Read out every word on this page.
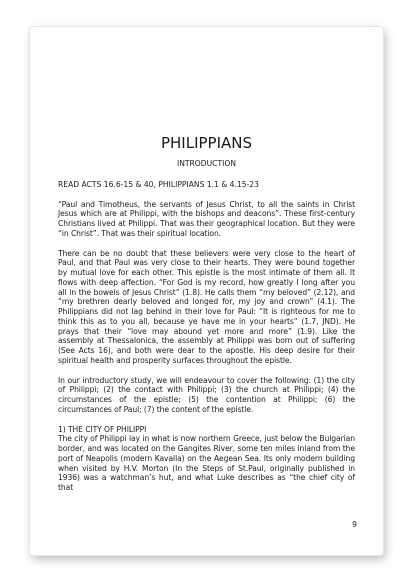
PHILIPPIANS
INTRODUCTION
READ ACTS 16.6-15 & 40, PHILIPPIANS 1.1 & 4.15-23

“Paul and Timotheus, the servants of Jesus Christ, to all the saints in Christ Jesus which are at Philippi, with the bishops and deacons”. These first-century Christians lived at Philippi. That was their geographical location. But they were “in Christ”. That was their spiritual location.

There can be no doubt that these believers were very close to the heart of Paul, and that Paul was very close to their hearts. They were bound together by mutual love for each other. This epistle is the most intimate of them all. It flows with deep affection. “For God is my record, how greatly I long after you all in the bowels of Jesus Christ” (1.8). He calls them “my beloved” (2.12), and “my brethren dearly beloved and longed for, my joy and crown” (4.1). The Philippians did not lag behind in their love for Paul: “It is righteous for me to think this as to you all, because ye have me in your hearts” (1.7, JND). He prays that their “love may abound yet more and more” (1.9). Like the assembly at Thessalonica, the assembly at Philippi was born out of suffering (See Acts 16), and both were dear to the apostle. His deep desire for their spiritual health and prosperity surfaces throughout the epistle.

In our introductory study, we will endeavour to cover the following: (1) the city of Philippi; (2) the contact with Philippi; (3) the church at Philippi; (4) the circumstances of the epistle; (5) the contention at Philippi; (6) the circumstances of Paul; (7) the content of the epistle.

1) THE CITY OF PHILIPPI

The city of Philippi lay in what is now northern Greece, just below the Bulgarian border, and was located on the Gangites River, some ten miles inland from the port of Neapolis (modern Kavalla) on the Aegean Sea. Its only modern building when visited by H.V. Morton (In the Steps of St.Paul, originally published in 1936) was a watchman’s hut, and what Luke describes as “the chief city of that

9
